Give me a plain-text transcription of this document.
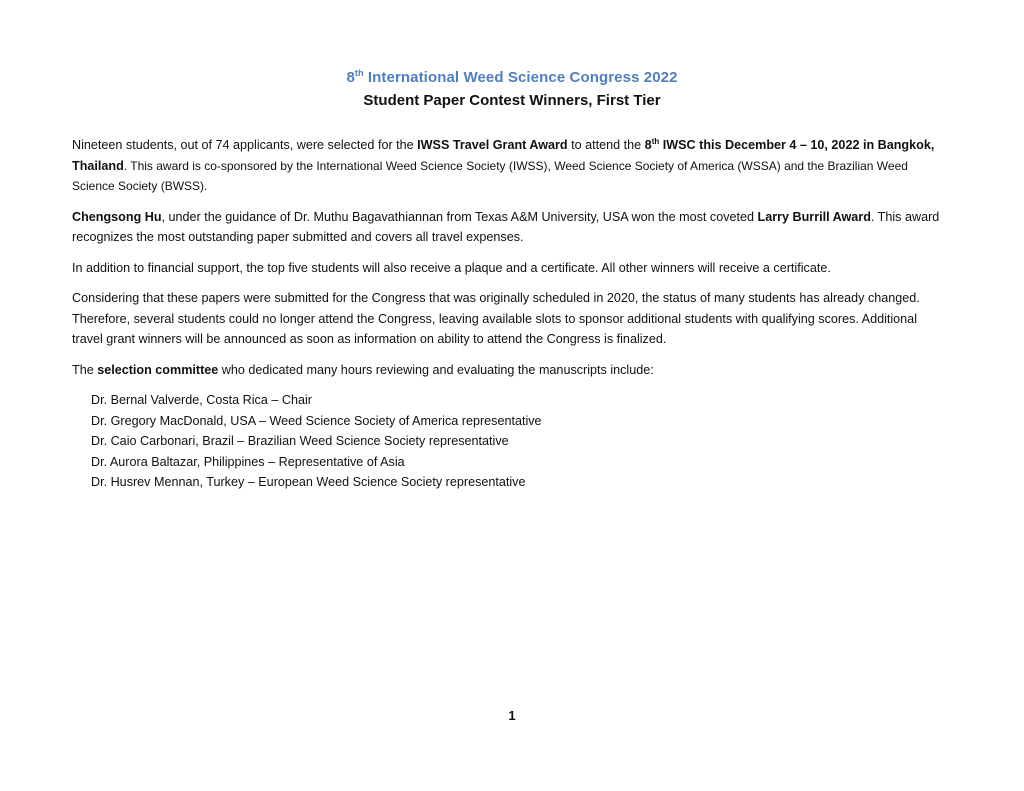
8th International Weed Science Congress 2022
Student Paper Contest Winners, First Tier

Nineteen students, out of 74 applicants, were selected for the IWSS Travel Grant Award to attend the 8th IWSC this December 4 – 10, 2022 in Bangkok, Thailand. This award is co-sponsored by the International Weed Science Society (IWSS), Weed Science Society of America (WSSA) and the Brazilian Weed Science Society (BWSS).

Chengsong Hu, under the guidance of Dr. Muthu Bagavathiannan from Texas A&M University, USA won the most coveted Larry Burrill Award. This award recognizes the most outstanding paper submitted and covers all travel expenses.

In addition to financial support, the top five students will also receive a plaque and a certificate. All other winners will receive a certificate.

Considering that these papers were submitted for the Congress that was originally scheduled in 2020, the status of many students has already changed. Therefore, several students could no longer attend the Congress, leaving available slots to sponsor additional students with qualifying scores. Additional travel grant winners will be announced as soon as information on ability to attend the Congress is finalized.

The selection committee who dedicated many hours reviewing and evaluating the manuscripts include:

Dr. Bernal Valverde, Costa Rica – Chair
Dr. Gregory MacDonald, USA – Weed Science Society of America representative
Dr. Caio Carbonari, Brazil – Brazilian Weed Science Society representative
Dr. Aurora Baltazar, Philippines – Representative of Asia
Dr. Husrev Mennan, Turkey – European Weed Science Society representative
1
